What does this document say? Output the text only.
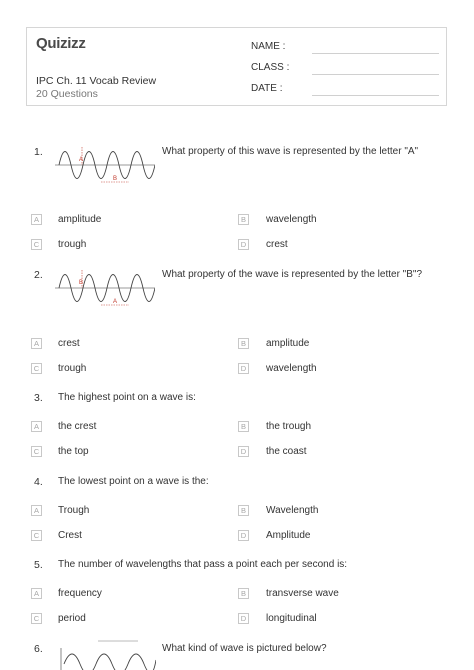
Quizizz
IPC Ch. 11 Vocab Review
20 Questions
NAME :
CLASS :
DATE :
1.
A
B
What property of this wave is represented by the letter "A"
A	amplitude	B	wavelength
C trough	D crest
2.
B
A
What property of the wave is represented by the letter "B"?
A	crest	B	amplitude
C trough	D wavelength
3. The highest point on a wave is:
A	the crest	B	the trough
C the top	D the coast
4. The lowest point on a wave is the:
A	Trough	B	Wavelength
C Crest	D Amplitude
5. The number of wavelengths that pass a point each per second is:
A	frequency	B	transverse wave
C period	D longitudinal
6.	What kind of wave is pictured below?
